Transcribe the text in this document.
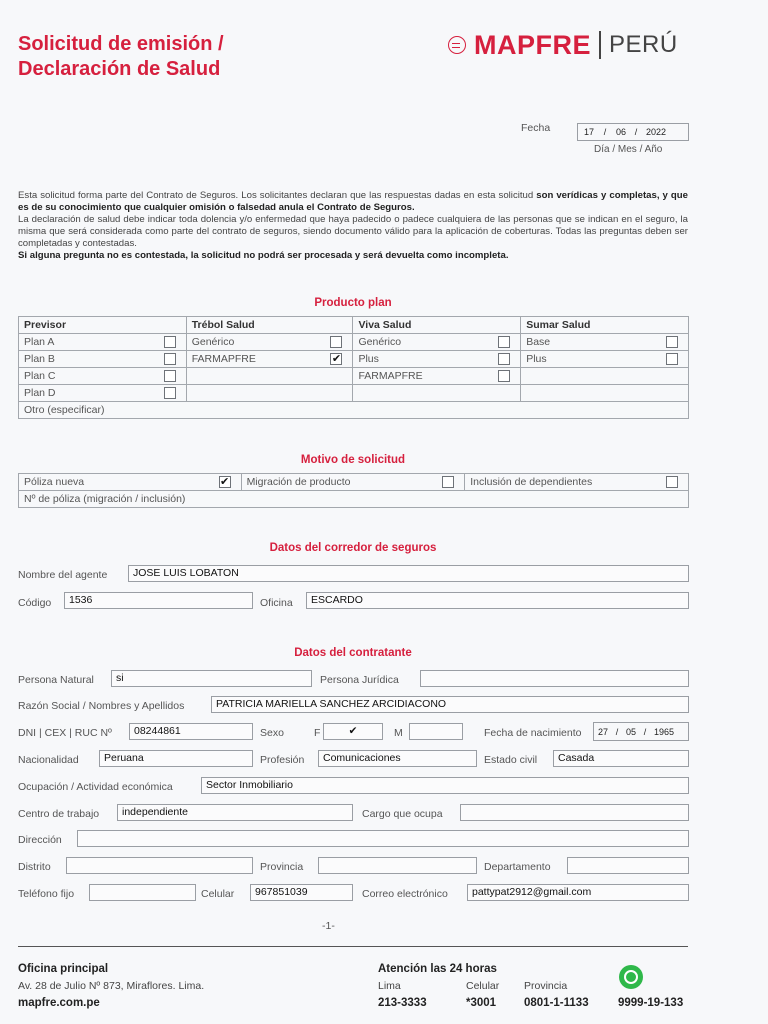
Solicitud de emisión /
Declaración de Salud
MAPFRE PERÚ
Fecha	17	/	06 / 2022
Día / Mes / Año
Esta solicitud forma parte del Contrato de Seguros. Los solicitantes declaran que las respuestas dadas en esta solicitud son verídicas y completas, y que es de su conocimiento que cualquier omisión o falsedad anula el Contrato de Seguros.
La declaración de salud debe indicar toda dolencia y/o enfermedad que haya padecido o padece cualquiera de las personas que se indican en el seguro, la misma que será considerada como parte del contrato de seguros, siendo documento válido para la aplicación de coberturas. Todas las preguntas deben ser completadas y contestadas.
Si alguna pregunta no es contestada, la solicitud no podrá ser procesada y será devuelta como incompleta.
Producto plan
Previsor	Trébol Salud	Viva Salud	Sumar Salud
Plan A	Genérico	Genérico	Base

Plan B	FARMAPFRE ✔	Plus	Plus

Plan C		FARMAPFRE

Plan D

Otro (especificar)			
Motivo de solicitud
Póliza nueva	✔	Migración de producto	Inclusión de dependientes

Nº de póliza (migración / inclusión)
Datos del corredor de seguros
Nombre del agente	JOSE LUIS LOBATON
Código	1536	Oficina	ESCARDO
Datos del contratante
Persona Natural	si	Persona Jurídica
Razón Social / Nombres y Apellidos	PATRICIA MARIELLA SANCHEZ ARCIDIACONO
DNI | CEX | RUC Nº	08244861	Sexo	F	✔	M	Fecha de nacimiento 27 / 05 / 1965
Nacionalidad	Peruana	Profesión	Comunicaciones	Estado civil	Casada
Ocupación / Actividad económica	Sector Inmobiliario
Centro de trabajo	independiente	Cargo que ocupa
Dirección
Distrito	Provincia	Departamento
Teléfono fijo	Celular	967851039	Correo electrónico	pattypat2912@gmail.com
-1-
Oficina principal
Av. 28 de Julio Nº 873, Miraflores. Lima.
mapfre.com.pe
Atención las 24 horas
Lima
213-3333
Celular
*3001
Provincia
0801-1-1133	9999-19-133
